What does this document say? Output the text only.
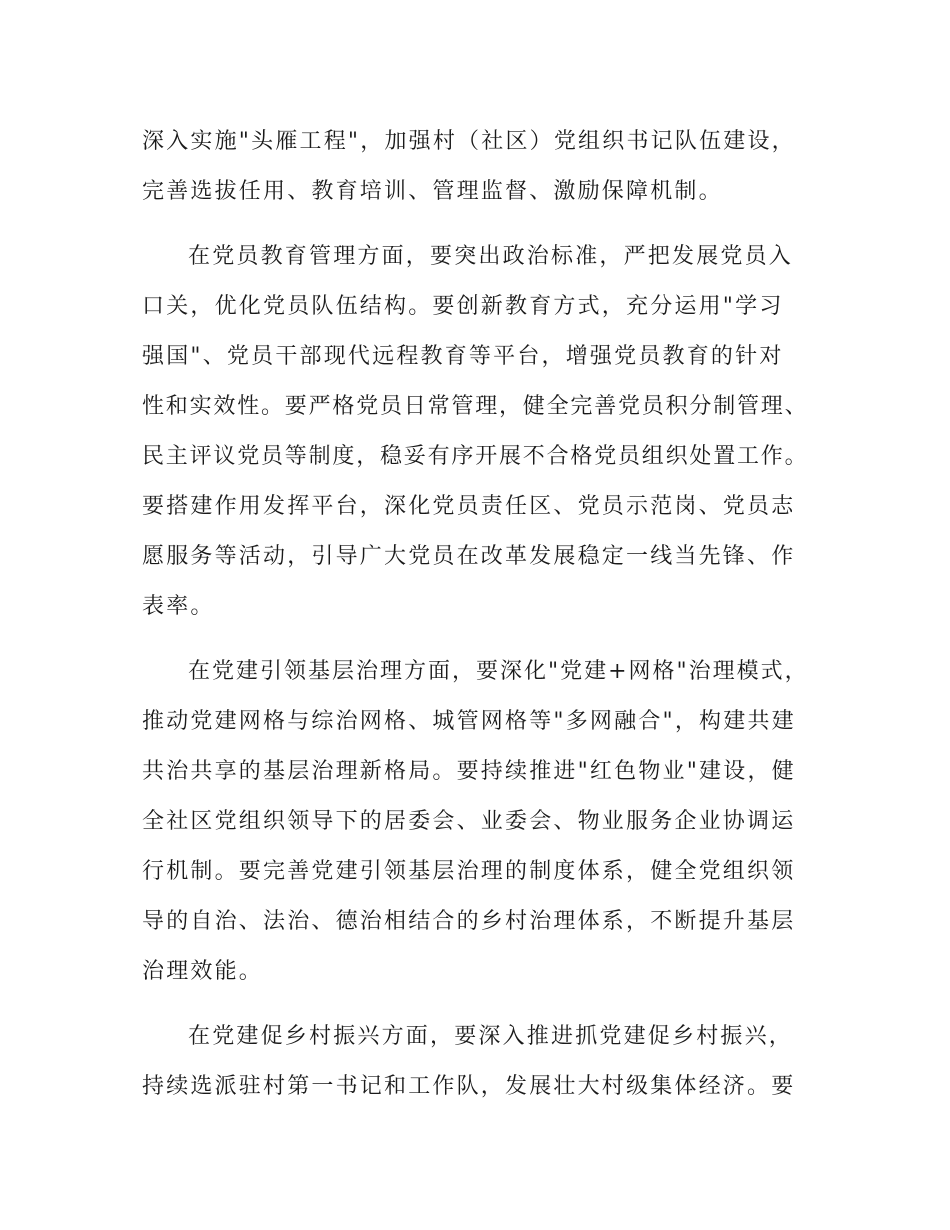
深入实施"头雁工程"，加强村（社区）党组织书记队伍建设，
完善选拔任用、教育培训、管理监督、激励保障机制。
在党员教育管理方面，要突出政治标准，严把发展党员入
口关，优化党员队伍结构。要创新教育方式，充分运用"学习
强国"、党员干部现代远程教育等平台，增强党员教育的针对
性和实效性。要严格党员日常管理，健全完善党员积分制管理、
民主评议党员等制度，稳妥有序开展不合格党员组织处置工作。
要搭建作用发挥平台，深化党员责任区、党员示范岗、党员志
愿服务等活动，引导广大党员在改革发展稳定一线当先锋、作
表率。
在党建引领基层治理方面，要深化"党建+网格"治理模式，
推动党建网格与综治网格、城管网格等"多网融合"，构建共建
共治共享的基层治理新格局。要持续推进"红色物业"建设，健
全社区党组织领导下的居委会、业委会、物业服务企业协调运
行机制。要完善党建引领基层治理的制度体系，健全党组织领
导的自治、法治、德治相结合的乡村治理体系，不断提升基层
治理效能。
在党建促乡村振兴方面，要深入推进抓党建促乡村振兴，
持续选派驻村第一书记和工作队，发展壮大村级集体经济。要
